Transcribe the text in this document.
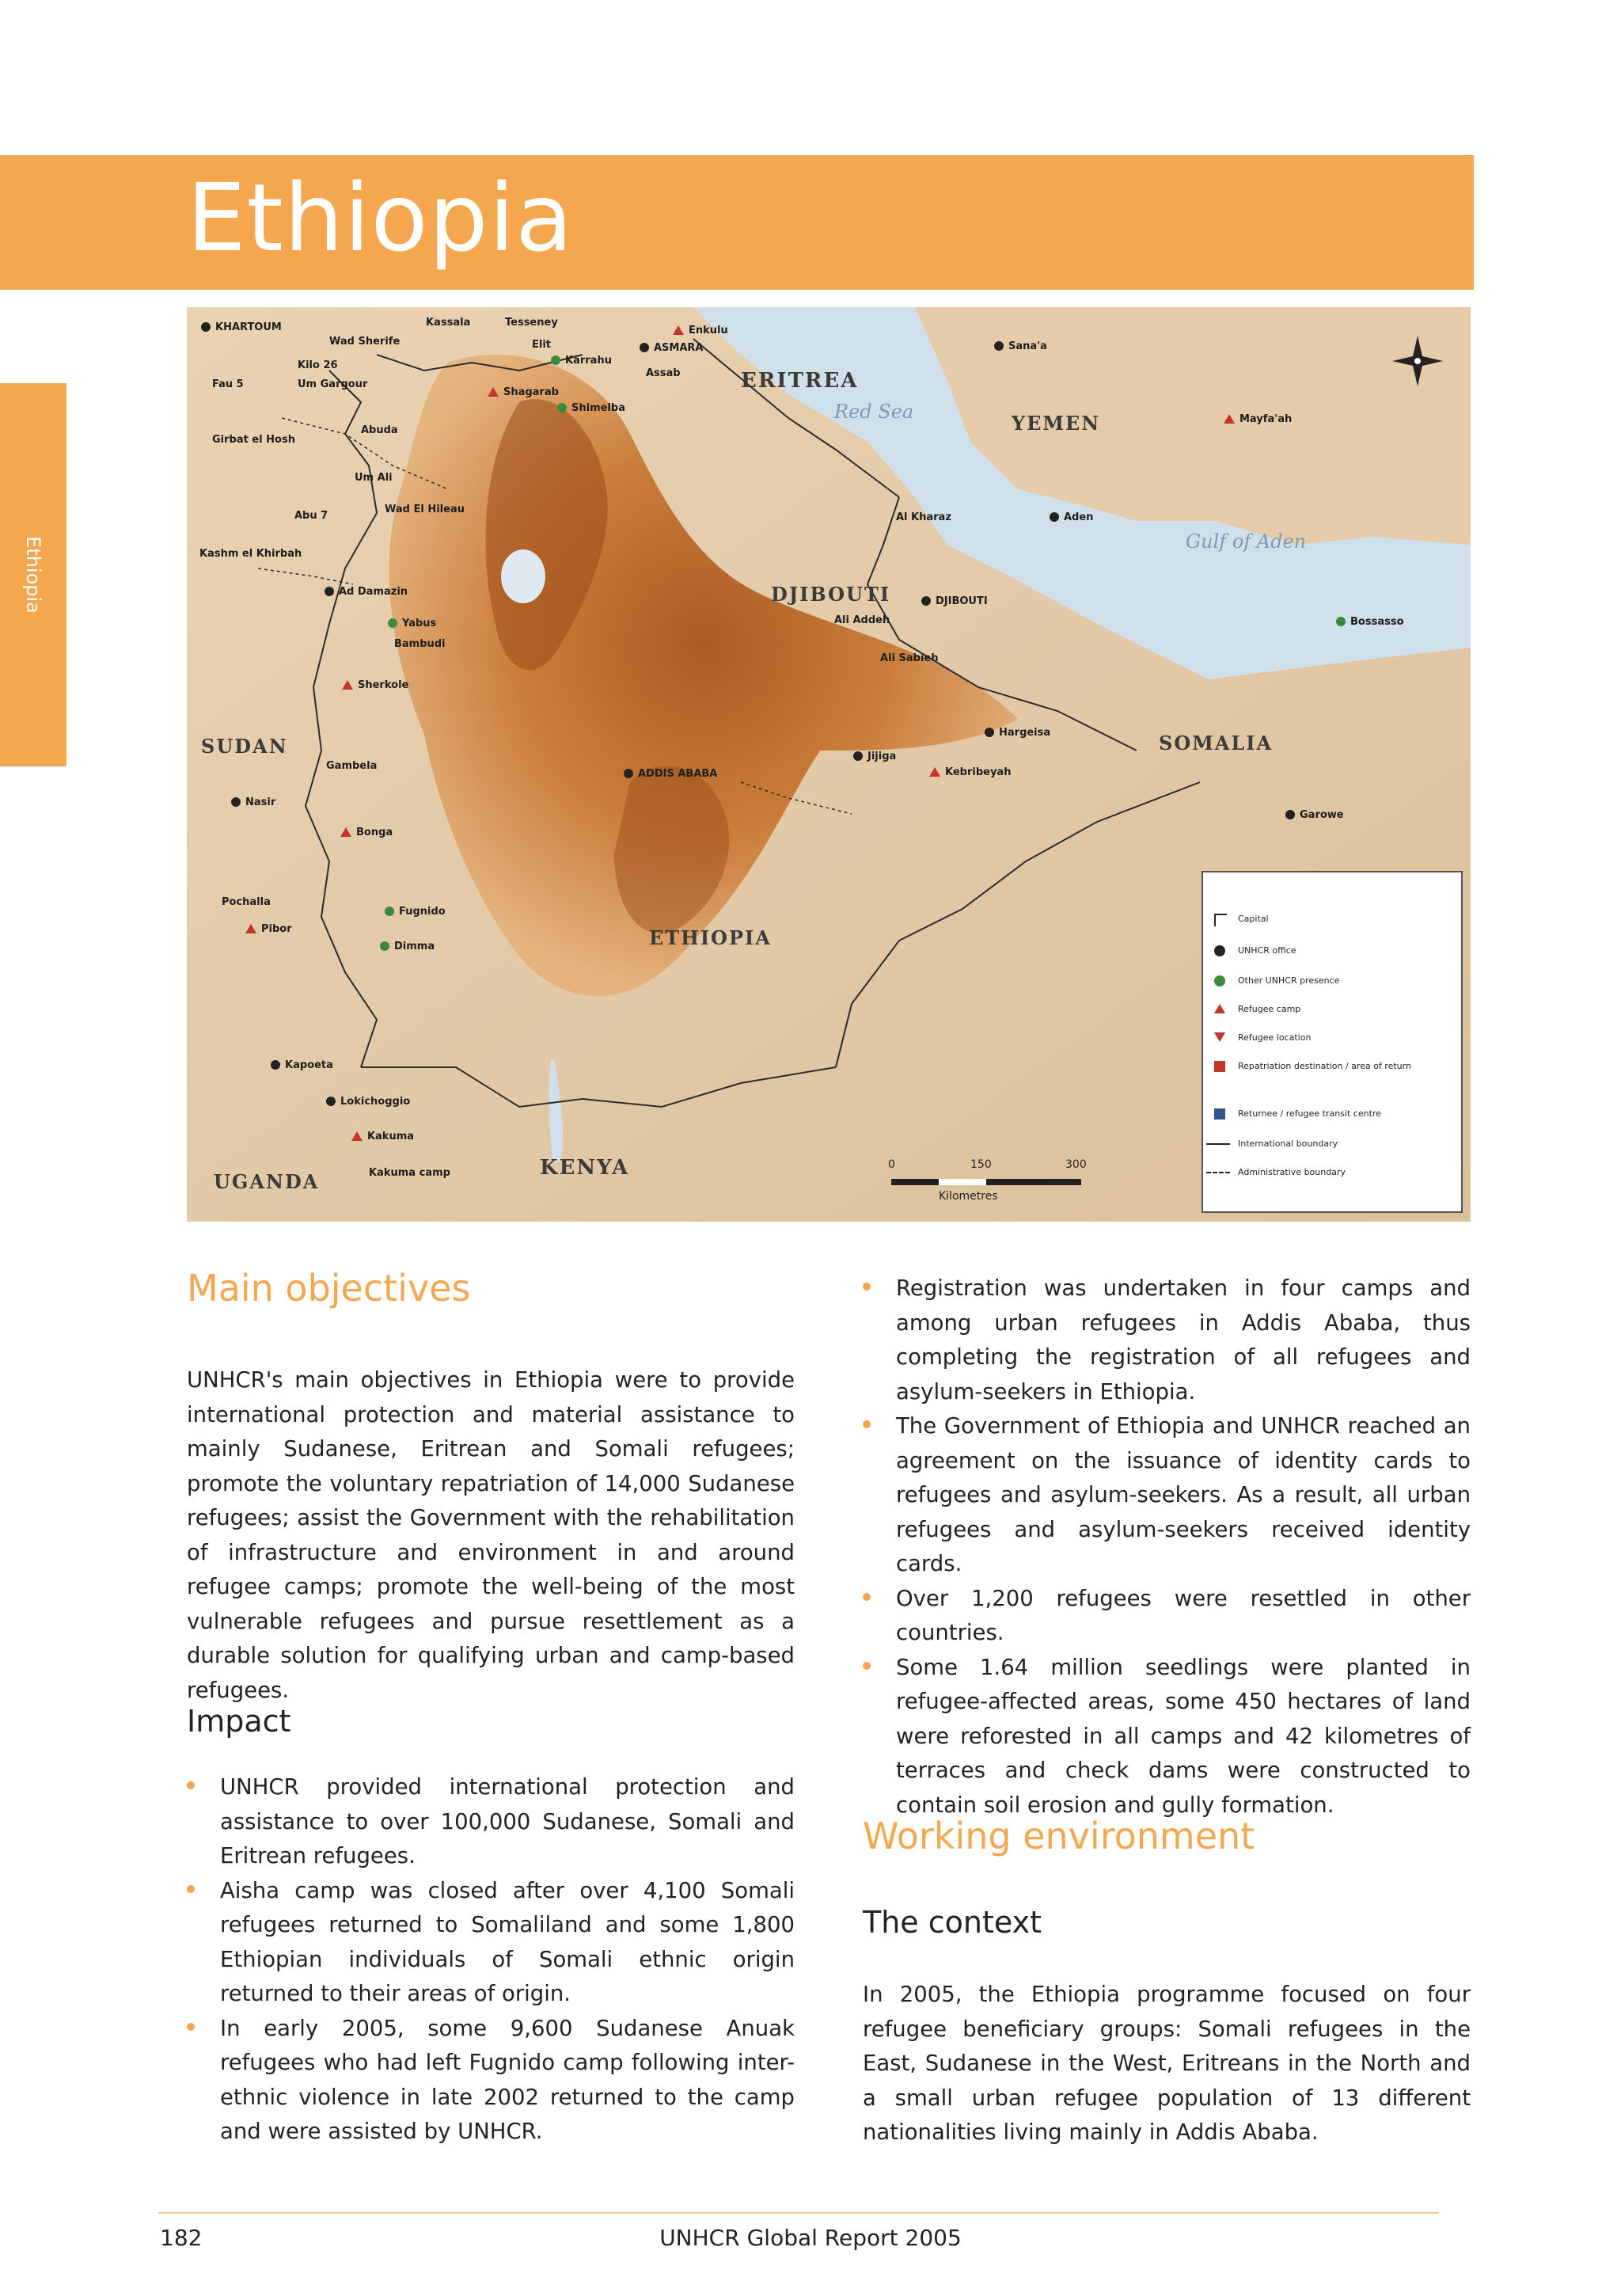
Ethiopia
Ethiopia
ERITREA
YEMEN
DJIBOUTI
SUDAN	SOMALIA
ETHIOPIA
KENYA
UGANDA
Red Sea
Gulf of Aden
KHARTOUM
Wad Sherife
Kassala	Tesseney
Enkulu
ASMARA
Elit
Karrahu
Kilo 26
Um Gargour
Fau 5
Assab
Shagarab
Shimelba
Abuda
Girbat el Hosh
Um Ali
Abu 7
Wad El Hileau
Kashm el Khirbah
Sana'a
Mayfa'ah
Al Kharaz	Aden
Ad Damazin
Yabus
Sherkole
Bambudi
DJIBOUTI
Ali Addeh
Ali Sabieh
Bossasso
Hargeisa
Jijiga
Kebribeyah
ADDIS ABABA
Gambela
Nasir
Bonga
Pochalla
Pibor
Dimma
Fugnido
Garowe
Kapoeta
Lokichoggio
Kakuma
Kakuma camp
Capital
UNHCR office
Other UNHCR presence
Refugee camp
Refugee location
Repatriation destination / area of return
Returnee / refugee transit centre
International boundary
Administrative boundary
0	150	300
Kilometres
Main objectives

UNHCR's main objectives in Ethiopia were to provide international protection and material assistance to mainly Sudanese, Eritrean and Somali refugees; promote the voluntary repatriation of 14,000 Sudanese refugees; assist the Government with the rehabilitation of infrastructure and environment in and around refugee camps; promote the well-being of the most vulnerable refugees and pursue resettlement as a durable solution for qualifying urban and camp-based refugees.

Impact
UNHCR provided international protection and assistance to over 100,000 Sudanese, Somali and Eritrean refugees.
Aisha camp was closed after over 4,100 Somali refugees returned to Somaliland and some 1,800 Ethiopian individuals of Somali ethnic origin returned to their areas of origin.
In early 2005, some 9,600 Sudanese Anuak refugees who had left Fugnido camp following inter-ethnic violence in late 2002 returned to the camp and were assisted by UNHCR.
Registration was undertaken in four camps and among urban refugees in Addis Ababa, thus completing the registration of all refugees and asylum-seekers in Ethiopia.
The Government of Ethiopia and UNHCR reached an agreement on the issuance of identity cards to refugees and asylum-seekers. As a result, all urban refugees and asylum-seekers received identity cards.
Over 1,200 refugees were resettled in other countries.
Some 1.64 million seedlings were planted in refugee-affected areas, some 450 hectares of land were reforested in all camps and 42 kilometres of terraces and check dams were constructed to contain soil erosion and gully formation.
Working environment
The context

In 2005, the Ethiopia programme focused on four refugee beneficiary groups: Somali refugees in the East, Sudanese in the West, Eritreans in the North and a small urban refugee population of 13 different nationalities living mainly in Addis Ababa.

182	UNHCR Global Report 2005
